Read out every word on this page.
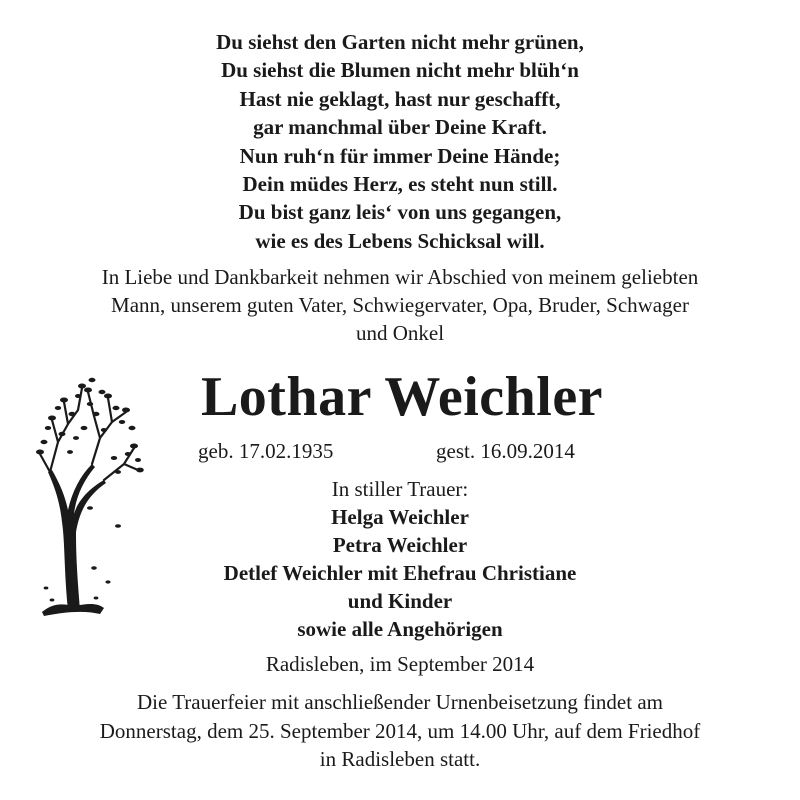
Du siehst den Garten nicht mehr grünen,
Du siehst die Blumen nicht mehr blüh‘n
Hast nie geklagt, hast nur geschafft,
gar manchmal über Deine Kraft.
Nun ruh‘n für immer Deine Hände;
Dein müdes Herz, es steht nun still.
Du bist ganz leis‘ von uns gegangen,
wie es des Lebens Schicksal will.
In Liebe und Dankbarkeit nehmen wir Abschied von meinem geliebten
Mann, unserem guten Vater, Schwiegervater, Opa, Bruder, Schwager
und Onkel
Lothar Weichler
geb. 17.02.1935	gest. 16.09.2014
In stiller Trauer:
Helga Weichler
Petra Weichler
Detlef Weichler mit Ehefrau Christiane
und Kinder
sowie alle Angehörigen
Radisleben, im September 2014
Die Trauerfeier mit anschließender Urnenbeisetzung findet am
Donnerstag, dem 25. September 2014, um 14.00 Uhr, auf dem Friedhof
in Radisleben statt.
